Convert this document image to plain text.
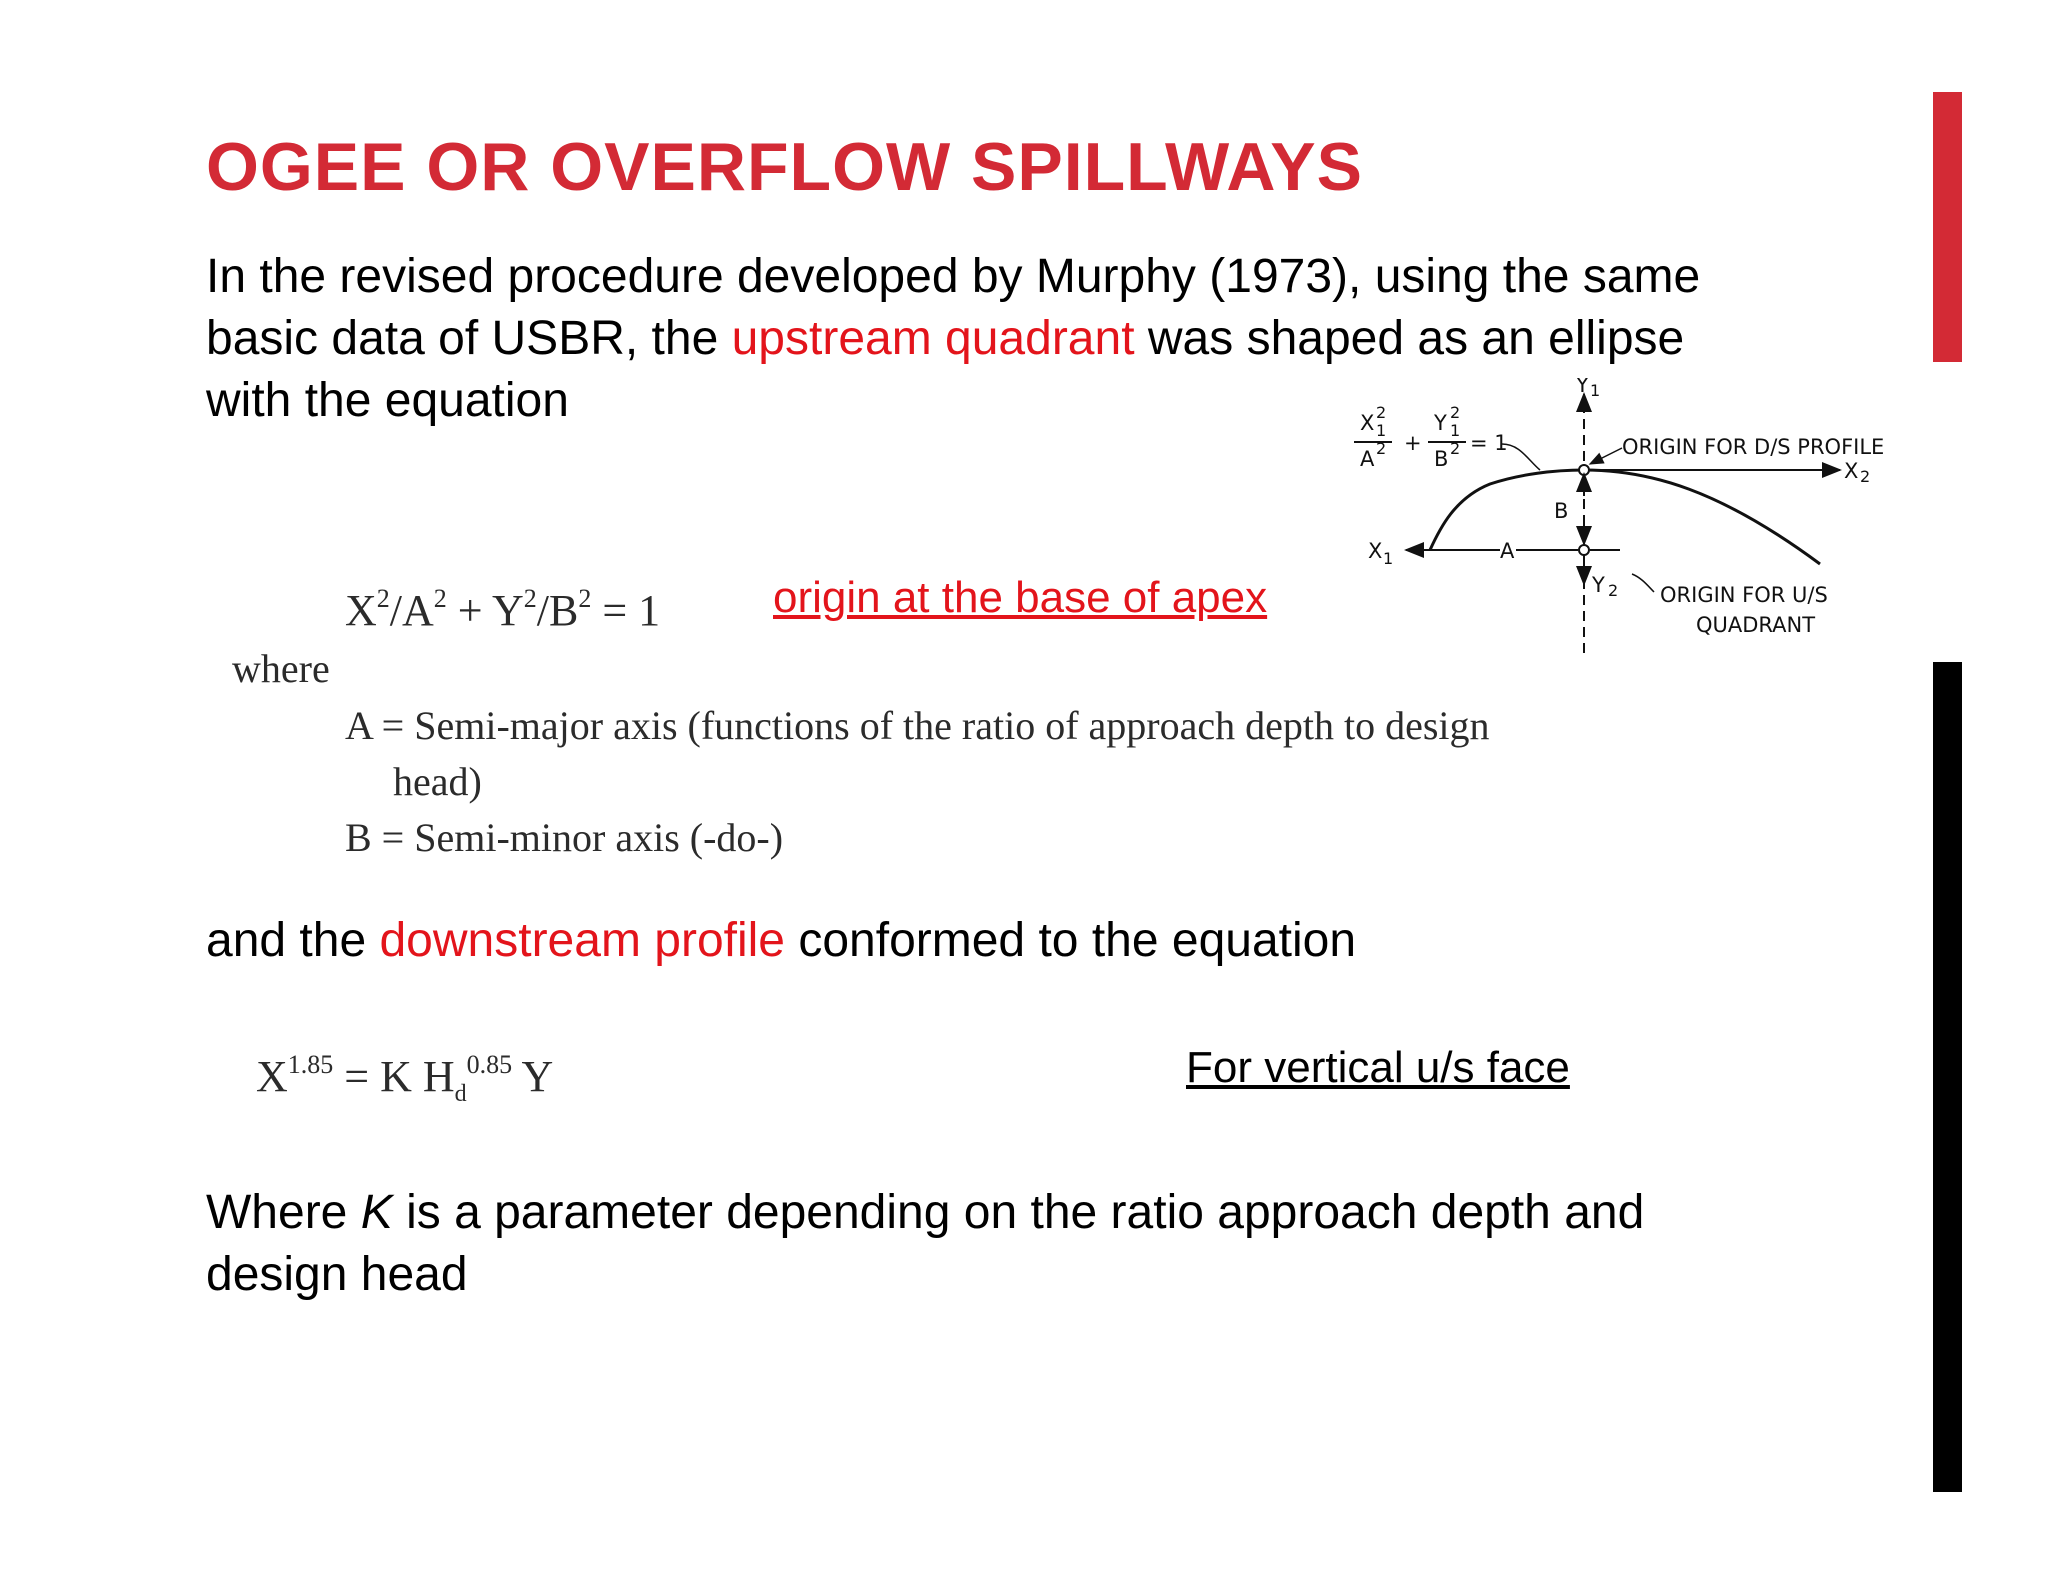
OGEE OR OVERFLOW SPILLWAYS

In the revised procedure developed by Murphy (1973), using the same
basic data of USBR, the upstream quadrant was shaped as an ellipse
with the equation

$X^2/A^2 + Y^2/B^2 = 1$	origin at the base of apex
where
A = Semi-major axis (functions of the ratio of approach depth to design
head)
B = Semi-minor axis (-do-)

and the downstream profile conformed to the equation

$X^{1.85} = K$ $H_d^{0.85}$ Y	For vertical u/s face

Where K is a parameter depending on the ratio approach depth and
design head

X 2
1
A 2 +
Y 2
1
B 2 = 1
Y 1
X 2
ORIGIN FOR D/S PROFILE
B
A
X 1
Y 2 ORIGIN FOR U/S
QUADRANT
